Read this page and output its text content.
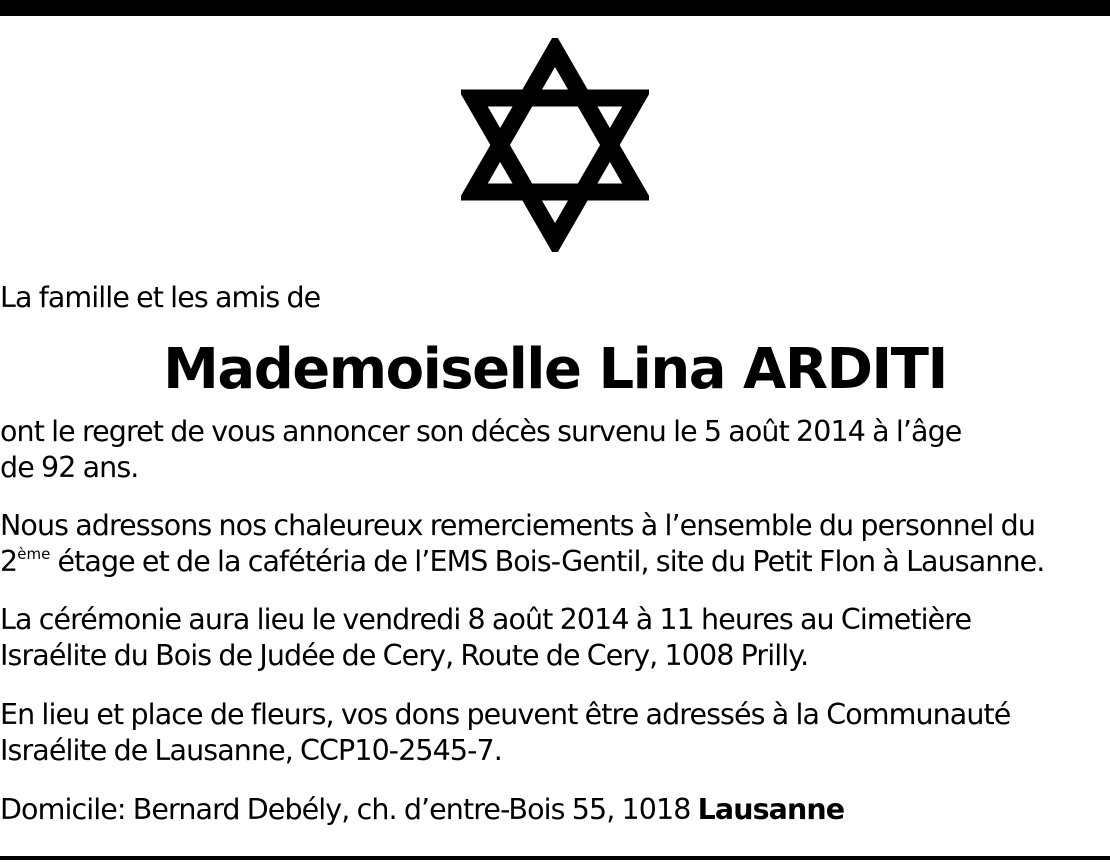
La famille et les amis de
Mademoiselle Lina ARDITI
ont le regret de vous annoncer son décès survenu le 5 août 2014 à l’âge
de 92 ans.
Nous adressons nos chaleureux remerciements à l’ensemble du personnel du
2ème étage et de la cafétéria de l’EMS Bois-Gentil, site du Petit Flon à Lausanne.
La cérémonie aura lieu le vendredi 8 août 2014 à 11 heures au Cimetière
Israélite du Bois de Judée de Cery, Route de Cery, 1008 Prilly.
En lieu et place de fleurs, vos dons peuvent être adressés à la Communauté
Israélite de Lausanne, CCP10-2545-7.
Domicile: Bernard Debély, ch. d’entre-Bois 55, 1018 Lausanne
